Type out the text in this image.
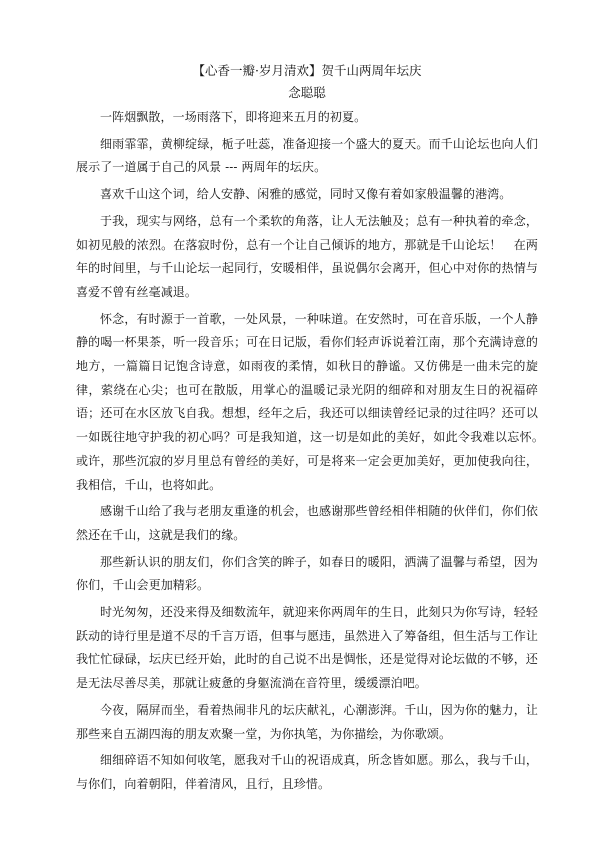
【心香一瓣·岁月清欢】贺千山两周年坛庆
念聪聪

一阵烟飘散，一场雨落下，即将迎来五月的初夏。

细雨霏霏，黄柳绽绿，栀子吐蕊，准备迎接一个盛大的夏天。而千山论坛也向人们展示了一道属于自己的风景 --- 两周年的坛庆。

喜欢千山这个词，给人安静、闲雅的感觉，同时又像有着如家般温馨的港湾。

于我，现实与网络，总有一个柔软的角落，让人无法触及；总有一种执着的牵念，如初见般的浓烈。在落寂时份，总有一个让自己倾诉的地方，那就是千山论坛！　在两年的时间里，与千山论坛一起同行，安暖相伴，虽说偶尔会离开，但心中对你的热情与喜爱不曾有丝毫减退。

怀念，有时源于一首歌，一处风景，一种味道。在安然时，可在音乐版，一个人静静的喝一杯果茶，听一段音乐；可在日记版，看你们轻声诉说着江南，那个充满诗意的地方，一篇篇日记饱含诗意，如雨夜的柔情，如秋日的静谧。又仿佛是一曲未完的旋律，萦绕在心尖；也可在散版，用掌心的温暖记录光阴的细碎和对朋友生日的祝福碎语；还可在水区放飞自我。想想，经年之后，我还可以细读曾经记录的过往吗？还可以一如既往地守护我的初心吗？可是我知道，这一切是如此的美好，如此令我难以忘怀。　或许，那些沉寂的岁月里总有曾经的美好，可是将来一定会更加美好，更加使我向往，我相信，千山，也将如此。

感谢千山给了我与老朋友重逢的机会，也感谢那些曾经相伴相随的伙伴们，你们依然还在千山，这就是我们的缘。

那些新认识的朋友们，你们含笑的眸子，如春日的暖阳，洒满了温馨与希望，因为你们，千山会更加精彩。

时光匆匆，还没来得及细数流年，就迎来你两周年的生日，此刻只为你写诗，轻轻跃动的诗行里是道不尽的千言万语，但事与愿违，虽然进入了筹备组，但生活与工作让我忙忙碌碌，坛庆已经开始，此时的自己说不出是惆怅，还是觉得对论坛做的不够，还是无法尽善尽美，那就让疲惫的身躯流淌在音符里，缓缓漂泊吧。

今夜，隔屏而坐，看着热闹非凡的坛庆献礼，心潮澎湃。千山，因为你的魅力，让那些来自五湖四海的朋友欢聚一堂，为你执笔，为你描绘，为你歌颂。

细细碎语不知如何收笔，愿我对千山的祝语成真，所念皆如愿。那么，我与千山，与你们，向着朝阳，伴着清风，且行，且珍惜。
